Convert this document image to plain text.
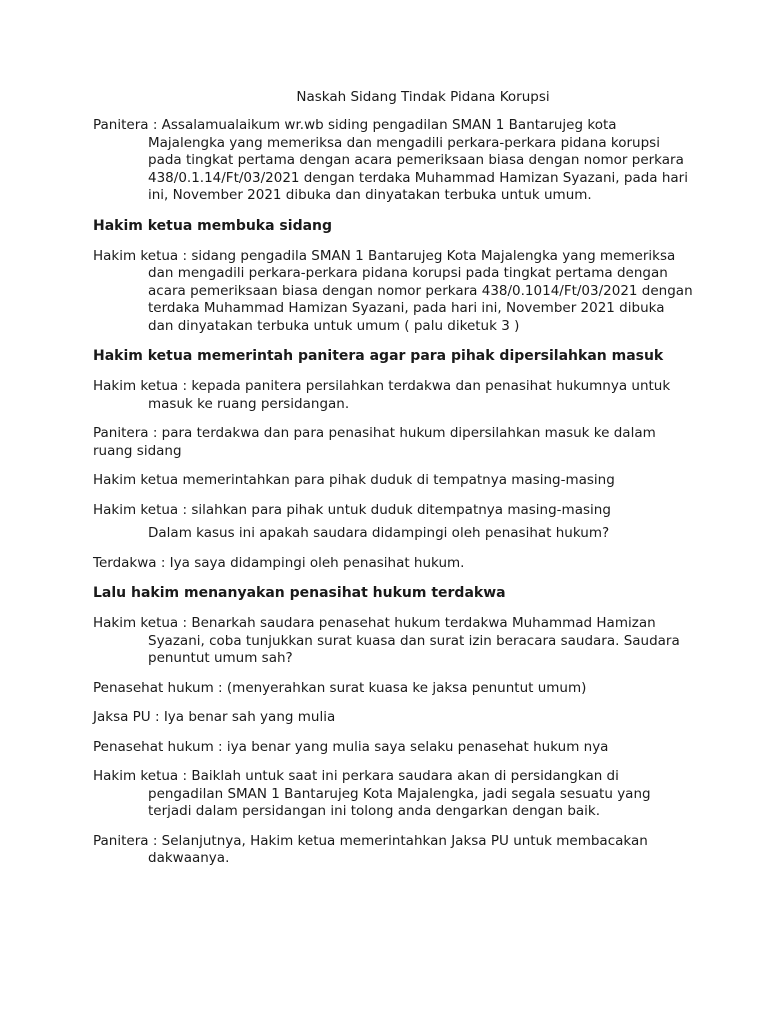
Naskah Sidang Tindak Pidana Korupsi

Panitera : Assalamualaikum wr.wb siding pengadilan SMAN 1 Bantarujeg kota Majalengka yang memeriksa dan mengadili perkara-perkara pidana korupsi pada tingkat pertama dengan acara pemeriksaan biasa dengan nomor perkara 438/0.1.14/Ft/03/2021 dengan terdaka Muhammad Hamizan Syazani, pada hari ini, November 2021 dibuka dan dinyatakan terbuka untuk umum.

Hakim ketua membuka sidang

Hakim ketua : sidang pengadila SMAN 1 Bantarujeg Kota Majalengka yang memeriksa dan mengadili perkara-perkara pidana korupsi pada tingkat pertama dengan acara pemeriksaan biasa dengan nomor perkara 438/0.1014/Ft/03/2021 dengan terdaka Muhammad Hamizan Syazani, pada hari ini, November 2021 dibuka dan dinyatakan terbuka untuk umum ( palu diketuk 3 )

Hakim ketua memerintah panitera agar para pihak dipersilahkan masuk

Hakim ketua : kepada panitera persilahkan terdakwa dan penasihat hukumnya untuk masuk ke ruang persidangan.

Panitera : para terdakwa dan para penasihat hukum dipersilahkan masuk ke dalam ruang sidang

Hakim ketua memerintahkan para pihak duduk di tempatnya masing-masing

Hakim ketua : silahkan para pihak untuk duduk ditempatnya masing-masing

Dalam kasus ini apakah saudara didampingi oleh penasihat hukum?

Terdakwa : Iya saya didampingi oleh penasihat hukum.

Lalu hakim menanyakan penasihat hukum terdakwa

Hakim ketua : Benarkah saudara penasehat hukum terdakwa Muhammad Hamizan Syazani, coba tunjukkan surat kuasa dan surat izin beracara saudara. Saudara penuntut umum sah?

Penasehat hukum : (menyerahkan surat kuasa ke jaksa penuntut umum)

Jaksa PU : Iya benar sah yang mulia

Penasehat hukum : iya benar yang mulia saya selaku penasehat hukum nya

Hakim ketua : Baiklah untuk saat ini perkara saudara akan di persidangkan di pengadilan SMAN 1 Bantarujeg Kota Majalengka, jadi segala sesuatu yang terjadi dalam persidangan ini tolong anda dengarkan dengan baik.

Panitera : Selanjutnya, Hakim ketua memerintahkan Jaksa PU untuk membacakan dakwaanya.
